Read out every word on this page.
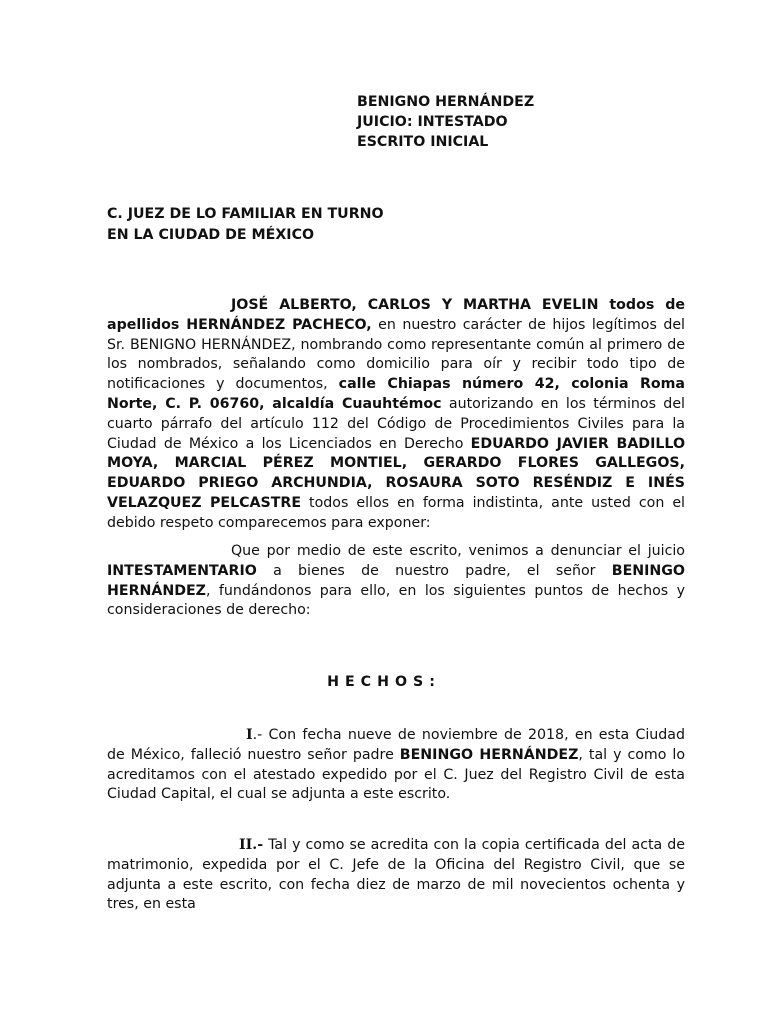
BENIGNO HERNÁNDEZ
JUICIO: INTESTADO
ESCRITO INICIAL
C. JUEZ DE LO FAMILIAR EN TURNO
EN LA CIUDAD DE MÉXICO

JOSÉ ALBERTO, CARLOS Y MARTHA EVELIN todos de apellidos HERNÁNDEZ PACHECO, en nuestro carácter de hijos legítimos del Sr. BENIGNO HERNÁNDEZ, nombrando como representante común al primero de los nombrados, señalando como domicilio para oír y recibir todo tipo de notificaciones y documentos, calle Chiapas número 42, colonia Roma Norte, C. P. 06760, alcaldía Cuauhtémoc autorizando en los términos del cuarto párrafo del artículo 112 del Código de Procedimientos Civiles para la Ciudad de México a los Licenciados en Derecho EDUARDO JAVIER BADILLO MOYA, MARCIAL PÉREZ MONTIEL, GERARDO FLORES GALLEGOS, EDUARDO PRIEGO ARCHUNDIA, ROSAURA SOTO RESÉNDIZ E INÉS VELAZQUEZ PELCASTRE todos ellos en forma indistinta, ante usted con el debido respeto comparecemos para exponer:

Que por medio de este escrito, venimos a denunciar el juicio INTESTAMENTARIO a bienes de nuestro padre, el señor BENINGO HERNÁNDEZ, fundándonos para ello, en los siguientes puntos de hechos y consideraciones de derecho:

HECHOS:

I.- Con fecha nueve de noviembre de 2018, en esta Ciudad de México, falleció nuestro señor padre BENINGO HERNÁNDEZ, tal y como lo acreditamos con el atestado expedido por el C. Juez del Registro Civil de esta Ciudad Capital, el cual se adjunta a este escrito.

II.- Tal y como se acredita con la copia certificada del acta de matrimonio, expedida por el C. Jefe de la Oficina del Registro Civil, que se adjunta a este escrito, con fecha diez de marzo de mil novecientos ochenta y tres, en esta
